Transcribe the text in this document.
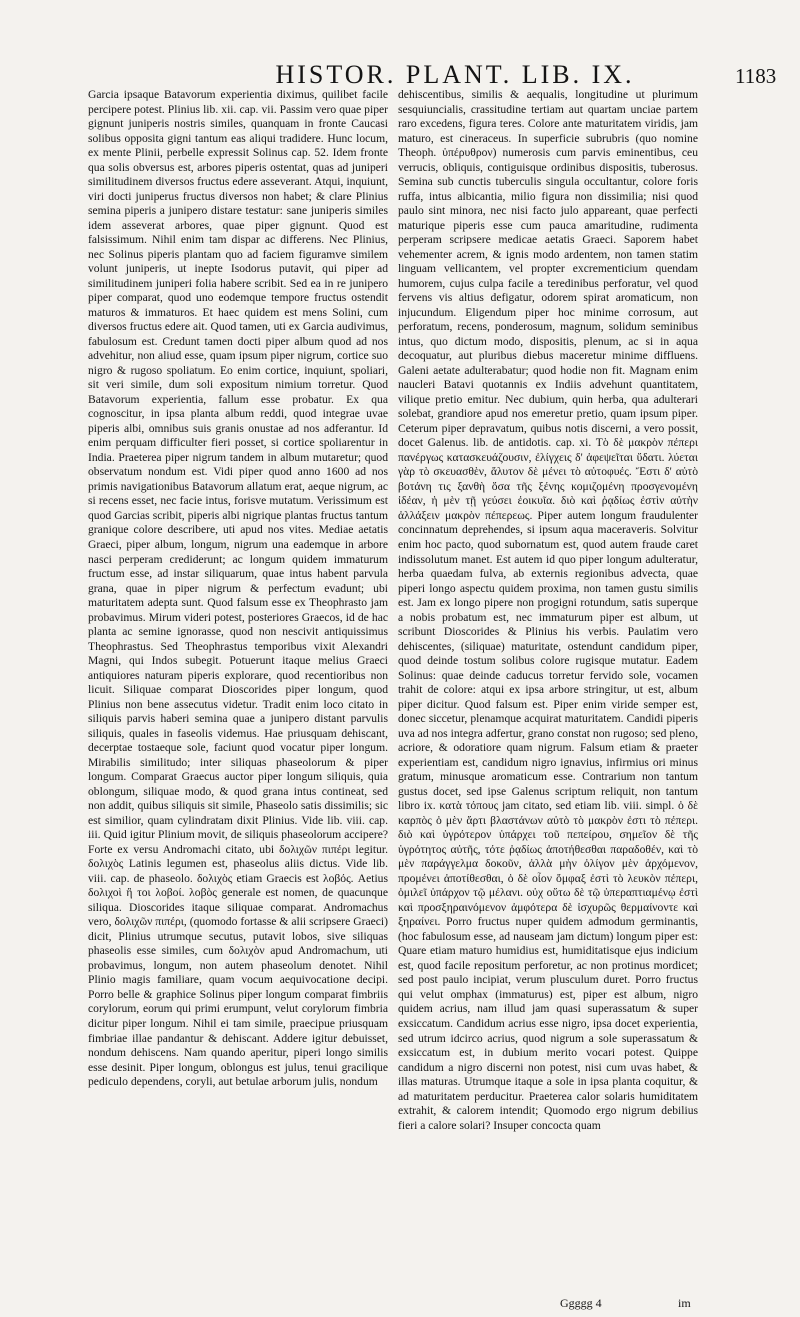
HISTOR. PLANT. LIB. IX.	1183

Garcia ipsaque Batavorum experientia diximus, quilibet facile percipere potest. Plinius lib. xii. cap. vii. Passim vero quae piper gignunt juniperis nostris similes, quanquam in fronte Caucasi solibus opposita gigni tantum eas aliqui tradidere. Hunc locum, ex mente Plinii, perbelle expressit Solinus cap. 52. Idem fronte qua solis obversus est, arbores piperis ostentat, quas ad juniperi similitudinem diversos fructus edere asseverant. Atqui, inquiunt, viri docti juniperus fructus diversos non habet; & clare Plinius semina piperis a junipero distare testatur: sane juniperis similes idem asseverat arbores, quae piper gignunt. Quod est falsissimum. Nihil enim tam dispar ac differens. Nec Plinius, nec Solinus piperis plantam quo ad faciem figuramve similem volunt juniperis, ut inepte Isodorus putavit, qui piper ad similitudinem juniperi folia habere scribit. Sed ea in re junipero piper comparat, quod uno eodemque tempore fructus ostendit maturos & immaturos. Et haec quidem est mens Solini, cum diversos fructus edere ait. Quod tamen, uti ex Garcia audivimus, fabulosum est. Credunt tamen docti piper album quod ad nos advehitur, non aliud esse, quam ipsum piper nigrum, cortice suo nigro & rugoso spoliatum. Eo enim cortice, inquiunt, spoliari, sit veri simile, dum soli expositum nimium torretur. Quod Batavorum experientia, fallum esse probatur. Ex qua cognoscitur, in ipsa planta album reddi, quod integrae uvae piperis albi, omnibus suis granis onustae ad nos adferantur. Id enim perquam difficulter fieri posset, si cortice spoliarentur in India. Praeterea piper nigrum tandem in album mutaretur; quod observatum nondum est. Vidi piper quod anno 1600 ad nos primis navigationibus Batavorum allatum erat, aeque nigrum, ac si recens esset, nec facie intus, forisve mutatum. Verissimum est quod Garcias scribit, piperis albi nigrique plantas fructus tantum granique colore describere, uti apud nos vites. Mediae aetatis Graeci, piper album, longum, nigrum una eademque in arbore nasci perperam crediderunt; ac longum quidem immaturum fructum esse, ad instar siliquarum, quae intus habent parvula grana, quae in piper nigrum & perfectum evadunt; ubi maturitatem adepta sunt. Quod falsum esse ex Theophrasto jam probavimus. Mirum videri potest, posteriores Graecos, id de hac planta ac semine ignorasse, quod non nescivit antiquissimus Theophrastus. Sed Theophrastus temporibus vixit Alexandri Magni, qui Indos subegit. Potuerunt itaque melius Graeci antiquiores naturam piperis explorare, quod recentioribus non licuit. Siliquae comparat Dioscorides piper longum, quod Plinius non bene assecutus videtur. Tradit enim loco citato in siliquis parvis haberi semina quae a junipero distant parvulis siliquis, quales in faseolis videmus. Hae priusquam dehiscant, decerptae tostaeque sole, faciunt quod vocatur piper longum. Mirabilis similitudo; inter siliquas phaseolorum & piper longum. Comparat Graecus auctor piper longum siliquis, quia oblongum, siliquae modo, & quod grana intus contineat, sed non addit, quibus siliquis sit simile, Phaseolo satis dissimilis; sic est similior, quam cylindratam dixit Plinius. Vide lib. viii. cap. iii. Quid igitur Plinium movit, de siliquis phaseolorum accipere? Forte ex versu Andromachi citato, ubi δολιχῶν πιπέρι legitur. δολιχὸς Latinis legumen est, phaseolus aliis dictus. Vide lib. viii. cap. de phaseolo. δολιχὸς etiam Graecis est λοβός. Aetius δολιχοὶ ἢ τοι λοβοί. λοβὸς generale est nomen, de quacunque siliqua. Dioscorides itaque siliquae comparat. Andromachus vero, δολιχῶν πιπέρι, (quomodo fortasse & alii scripsere Graeci) dicit, Plinius utrumque secutus, putavit lobos, sive siliquas phaseolis esse similes, cum δολιχὸν apud Andromachum, uti probavimus, longum, non autem phaseolum denotet. Nihil Plinio magis familiare, quam vocum aequivocatione decipi. Porro belle & graphice Solinus piper longum comparat fimbriis corylorum, eorum qui primi erumpunt, velut corylorum fimbria dicitur piper longum. Nihil ei tam simile, praecipue priusquam fimbriae illae pandantur & dehiscant. Addere igitur debuisset, nondum dehiscens. Nam quando aperitur, piperi longo similis esse desinit. Piper longum, oblongus est julus, tenui gracilique pediculo dependens, coryli, aut betulae arborum julis, nondum

dehiscentibus, similis & aequalis, longitudine ut plurimum sesquiuncialis, crassitudine tertiam aut quartam unciae partem raro excedens, figura teres. Colore ante maturitatem viridis, jam maturo, est cineraceus. In superficie subrubris (quo nomine Theoph. ὑπέρυθρον) numerosis cum parvis eminentibus, ceu verrucis, obliquis, contiguisque ordinibus dispositis, tuberosus. Semina sub cunctis tuberculis singula occultantur, colore foris ruffa, intus albicantia, milio figura non dissimilia; nisi quod paulo sint minora, nec nisi facto julo appareant, quae perfecti maturique piperis esse cum pauca amaritudine, rudimenta perperam scripsere medicae aetatis Graeci. Saporem habet vehementer acrem, & ignis modo ardentem, non tamen statim linguam vellicantem, vel propter excrementicium quendam humorem, cujus culpa facile a teredinibus perforatur, vel quod fervens vis altius defigatur, odorem spirat aromaticum, non injucundum. Eligendum piper hoc minime corrosum, aut perforatum, recens, ponderosum, magnum, solidum seminibus intus, quo dictum modo, dispositis, plenum, ac si in aqua decoquatur, aut pluribus diebus maceretur minime diffluens. Galeni aetate adulterabatur; quod hodie non fit. Magnam enim naucleri Batavi quotannis ex Indiis advehunt quantitatem, vilique pretio emitur. Nec dubium, quin herba, qua adulterari solebat, grandiore apud nos emeretur pretio, quam ipsum piper. Ceterum piper depravatum, quibus notis discerni, a vero possit, docet Galenus. lib. de antidotis. cap. xi. Τὸ δὲ μακρὸν πέπερι πανέργως κατασκευάζουσιν, ἐλίγχεις δ' ἀφεψεῖται ὕδατι. λύεται γὰρ τὸ σκευασθὲν, ἄλυτον δὲ μένει τὸ αὐτοφυές. Ἔστι δ' αὐτὸ βοτάνη τις ξανθὴ ὅσα τῆς ξένης κομιζομένη προσγενομένη ἰδέαν, ἡ μὲν τῇ γεύσει ἐοικυῖα. διὸ καὶ ῥᾳδίως ἐστὶν αὐτὴν ἀλλάξειν μακρὸν πέπερεως. Piper autem longum fraudulenter concinnatum deprehendes, si ipsum aqua maceraveris. Solvitur enim hoc pacto, quod subornatum est, quod autem fraude caret indissolutum manet. Est autem id quo piper longum adulteratur, herba quaedam fulva, ab externis regionibus advecta, quae piperi longo aspectu quidem proxima, non tamen gustu similis est. Jam ex longo pipere non progigni rotundum, satis superque a nobis probatum est, nec immaturum piper est album, ut scribunt Dioscorides & Plinius his verbis. Paulatim vero dehiscentes, (siliquae) maturitate, ostendunt candidum piper, quod deinde tostum solibus colore rugisque mutatur. Eadem Solinus: quae deinde caducus torretur fervido sole, vocamen trahit de colore: atqui ex ipsa arbore stringitur, ut est, album piper dicitur. Quod falsum est. Piper enim viride semper est, donec siccetur, plenamque acquirat maturitatem. Candidi piperis uva ad nos integra adfertur, grano constat non rugoso; sed pleno, acriore, & odoratiore quam nigrum. Falsum etiam & praeter experientiam est, candidum nigro ignavius, infirmius ori minus gratum, minusque aromaticum esse. Contrarium non tantum gustus docet, sed ipse Galenus scriptum reliquit, non tantum libro ix. κατὰ τόπους jam citato, sed etiam lib. viii. simpl. ὁ δὲ καρπὸς ὁ μὲν ἄρτι βλαστάνων αὐτὸ τὸ μακρὸν ἐστι τὸ πέπερι. διὸ καὶ ὑγρότερον ὑπάρχει τοῦ πεπείρου, σημεῖον δὲ τῆς ὑγρότητος αὐτῆς, τότε ῥᾳδίως ἀποτήθεσθαι παραδοθέν, καὶ τὸ μὲν παράγγελμα δοκοῦν, ἀλλὰ μὴν ὀλίγον μὲν ἀρχόμενον, προμένει ἀποτίθεσθαι, ὁ δὲ οἷον ὄμφαξ ἐστὶ τὸ λευκὸν πέπερι, ὁμιλεῖ ὑπάρχον τῷ μέλανι. οὐχ οὕτω δὲ τῷ ὑπεραπτιαμένῳ ἐστὶ καὶ προσξηραινόμενον ἀμφότερα δὲ ἰσχυρῶς θερμαίνοντε καὶ ξηραίνει. Porro fructus nuper quidem admodum germinantis, (hoc fabulosum esse, ad nauseam jam dictum) longum piper est: Quare etiam maturo humidius est, humiditatisque ejus indicium est, quod facile repositum perforetur, ac non protinus mordicet; sed post paulo incipiat, verum plusculum duret. Porro fructus qui velut omphax (immaturus) est, piper est album, nigro quidem acrius, nam illud jam quasi superassatum & super exsiccatum. Candidum acrius esse nigro, ipsa docet experientia, sed utrum idcirco acrius, quod nigrum a sole superassatum & exsiccatum est, in dubium merito vocari potest. Quippe candidum a nigro discerni non potest, nisi cum uvas habet, & illas maturas. Utrumque itaque a sole in ipsa planta coquitur, & ad maturitatem perducitur. Praeterea calor solaris humiditatem extrahit, & calorem intendit; Quomodo ergo nigrum debilius fieri a calore solari? Insuper concocta quam

Ggggg 4	im
